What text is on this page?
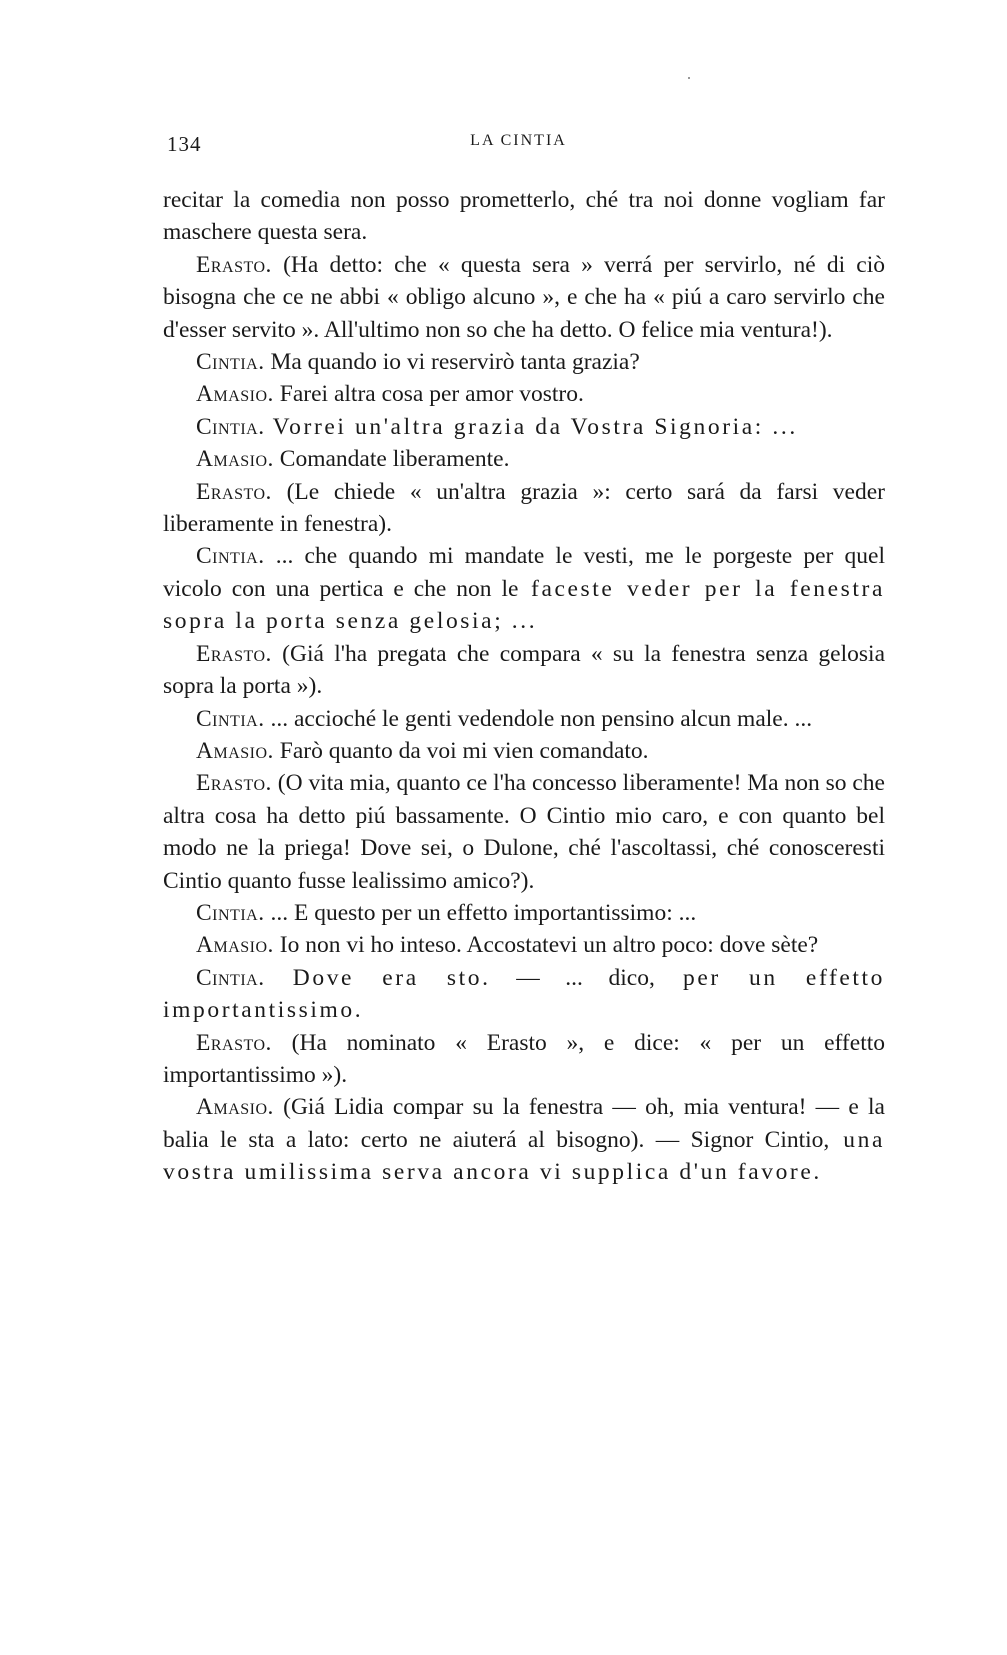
134	LA CINTIA

recitar la comedia non posso prometterlo, ché tra noi donne vogliam far maschere questa sera.

Erasto. (Ha detto: che « questa sera » verrá per servirlo, né di ciò bisogna che ce ne abbi « obligo alcuno », e che ha « piú a caro servirlo che d'esser servito ». All'ultimo non so che ha detto. O felice mia ventura!).

Cintia. Ma quando io vi reservirò tanta grazia?

Amasio. Farei altra cosa per amor vostro.

Cintia. Vorrei un'altra grazia da Vostra Signoria: ...

Amasio. Comandate liberamente.

Erasto. (Le chiede « un'altra grazia »: certo sará da farsi veder liberamente in fenestra).

Cintia. ... che quando mi mandate le vesti, me le porgeste per quel vicolo con una pertica e che non le faceste veder per la fenestra sopra la porta senza gelosia; ...

Erasto. (Giá l'ha pregata che compara « su la fenestra senza gelosia sopra la porta »).

Cintia. ... accioché le genti vedendole non pensino alcun male. ...

Amasio. Farò quanto da voi mi vien comandato.

Erasto. (O vita mia, quanto ce l'ha concesso liberamente! Ma non so che altra cosa ha detto piú bassamente. O Cintio mio caro, e con quanto bel modo ne la priega! Dove sei, o Dulone, ché l'ascoltassi, ché conosceresti Cintio quanto fusse lealissimo amico?).

Cintia. ... E questo per un effetto importantissimo: ...

Amasio. Io non vi ho inteso. Accostatevi un altro poco: dove sète?

Cintia. Dove era sto. — ... dico, per un effetto importantissimo.

Erasto. (Ha nominato « Erasto », e dice: « per un effetto importantissimo »).

Amasio. (Giá Lidia compar su la fenestra — oh, mia ventura! — e la balia le sta a lato: certo ne aiuterá al bisogno). — Signor Cintio, una vostra umilissima serva ancora vi supplica d'un favore.
